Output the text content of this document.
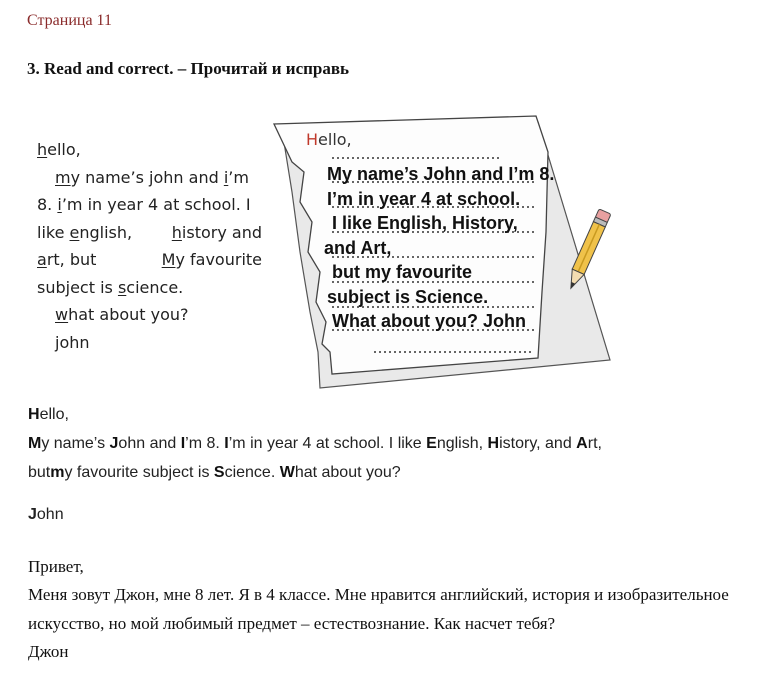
Страница 11
3. Read and correct. – Прочитай и исправь
hello,
my name’s john and i’m
8. i’m in year 4 at school. I
like english, history and
art, but	My favourite
subject is science.
what about you?
john
Hello,
My name’s John and I’m 8.
I’m in year 4 at school.
I like English, History,
and Art,
but my favourite
subject is Science.
What about you? John
Hello,
My name’s John and I’m 8. I’m in year 4 at school. I like English, History, and Art,
butmy favourite subject is Science. What about you?
John
Привет,
Меня зовут Джон, мне 8 лет. Я в 4 классе. Мне нравится английский, история и изобразительное искусство, но мой любимый предмет – естествознание. Как насчет тебя?
Джон
